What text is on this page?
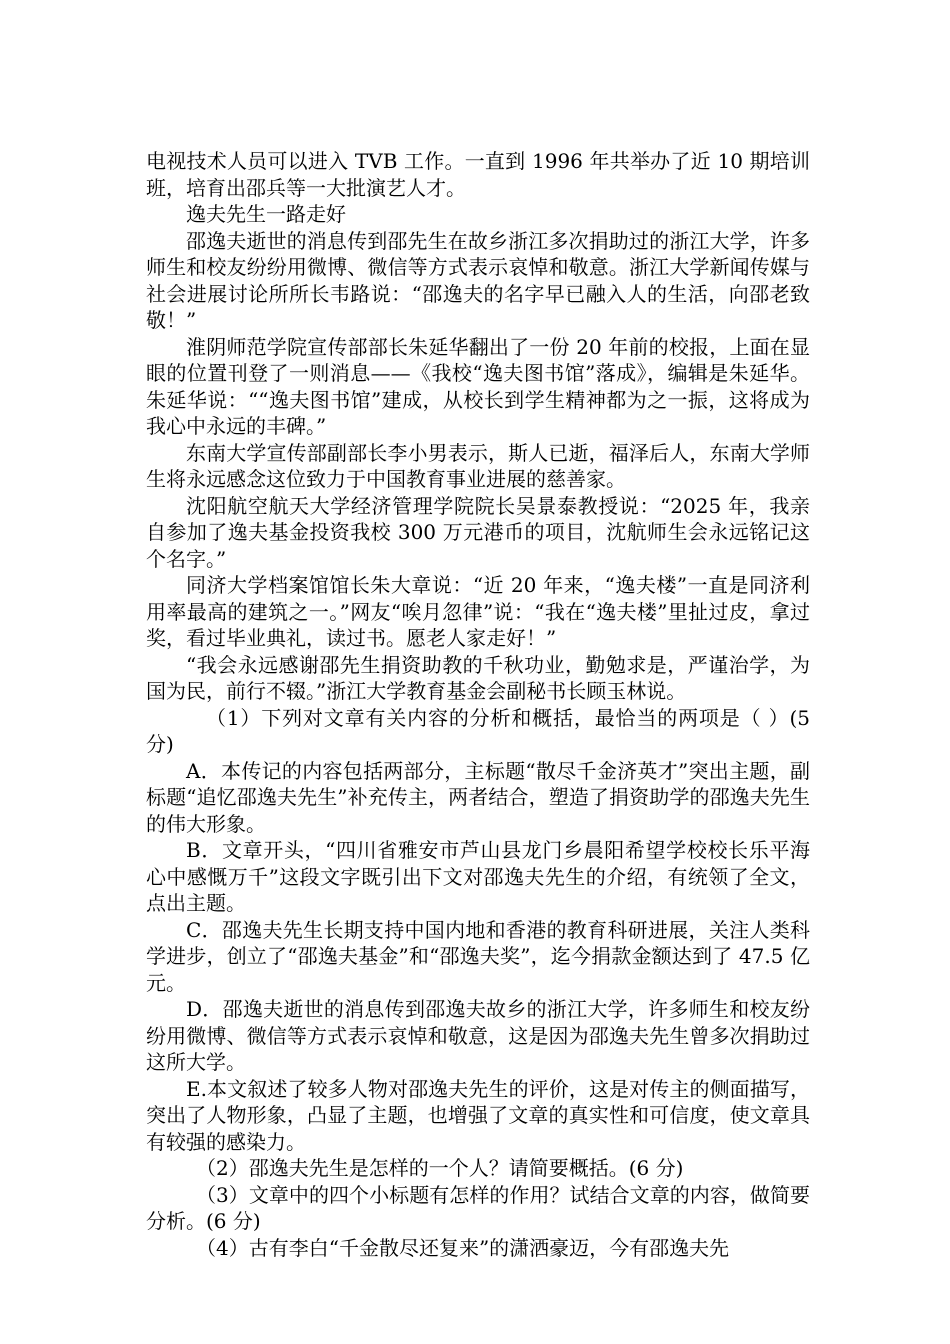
电视技术人员可以进入 TVB 工作。一直到 1996 年共举办了近 10 期培训班，培育出邵兵等一大批演艺人才。

逸夫先生一路走好

邵逸夫逝世的消息传到邵先生在故乡浙江多次捐助过的浙江大学，许多师生和校友纷纷用微博、微信等方式表示哀悼和敬意。浙江大学新闻传媒与社会进展讨论所所长韦路说：“邵逸夫的名字早已融入人的生活，向邵老致敬！”

淮阴师范学院宣传部部长朱延华翻出了一份 20 年前的校报，上面在显眼的位置刊登了一则消息——《我校“逸夫图书馆”落成》，编辑是朱延华。朱延华说：““逸夫图书馆”建成，从校长到学生精神都为之一振，这将成为我心中永远的丰碑。”

东南大学宣传部副部长李小男表示，斯人已逝，福泽后人，东南大学师生将永远感念这位致力于中国教育事业进展的慈善家。

沈阳航空航天大学经济管理学院院长吴景泰教授说：“2025 年，我亲自参加了逸夫基金投资我校 300 万元港币的项目，沈航师生会永远铭记这个名字。”

同济大学档案馆馆长朱大章说：“近 20 年来，“逸夫楼”一直是同济利用率最高的建筑之一。”网友“唉月忽律”说：“我在“逸夫楼”里扯过皮，拿过奖，看过毕业典礼，读过书。愿老人家走好！”

“我会永远感谢邵先生捐资助教的千秋功业，勤勉求是，严谨治学，为国为民，前行不辍。”浙江大学教育基金会副秘书长顾玉林说。

（1）下列对文章有关内容的分析和概括，最恰当的两项是（ ）(5 分)

A．本传记的内容包括两部分，主标题“散尽千金济英才”突出主题，副标题“追忆邵逸夫先生”补充传主，两者结合，塑造了捐资助学的邵逸夫先生的伟大形象。

B．文章开头，“四川省雅安市芦山县龙门乡晨阳希望学校校长乐平海心中感慨万千”这段文字既引出下文对邵逸夫先生的介绍，有统领了全文，点出主题。

C．邵逸夫先生长期支持中国内地和香港的教育科研进展，关注人类科学进步，创立了“邵逸夫基金”和“邵逸夫奖”，迄今捐款金额达到了 47.5 亿元。

D．邵逸夫逝世的消息传到邵逸夫故乡的浙江大学，许多师生和校友纷纷用微博、微信等方式表示哀悼和敬意，这是因为邵逸夫先生曾多次捐助过这所大学。

E.本文叙述了较多人物对邵逸夫先生的评价，这是对传主的侧面描写，突出了人物形象，凸显了主题，也增强了文章的真实性和可信度，使文章具有较强的感染力。

（2）邵逸夫先生是怎样的一个人？请简要概括。(6 分)

（3）文章中的四个小标题有怎样的作用？试结合文章的内容，做简要分析。(6 分)

（4）古有李白“千金散尽还复来”的潇洒豪迈，今有邵逸夫先
